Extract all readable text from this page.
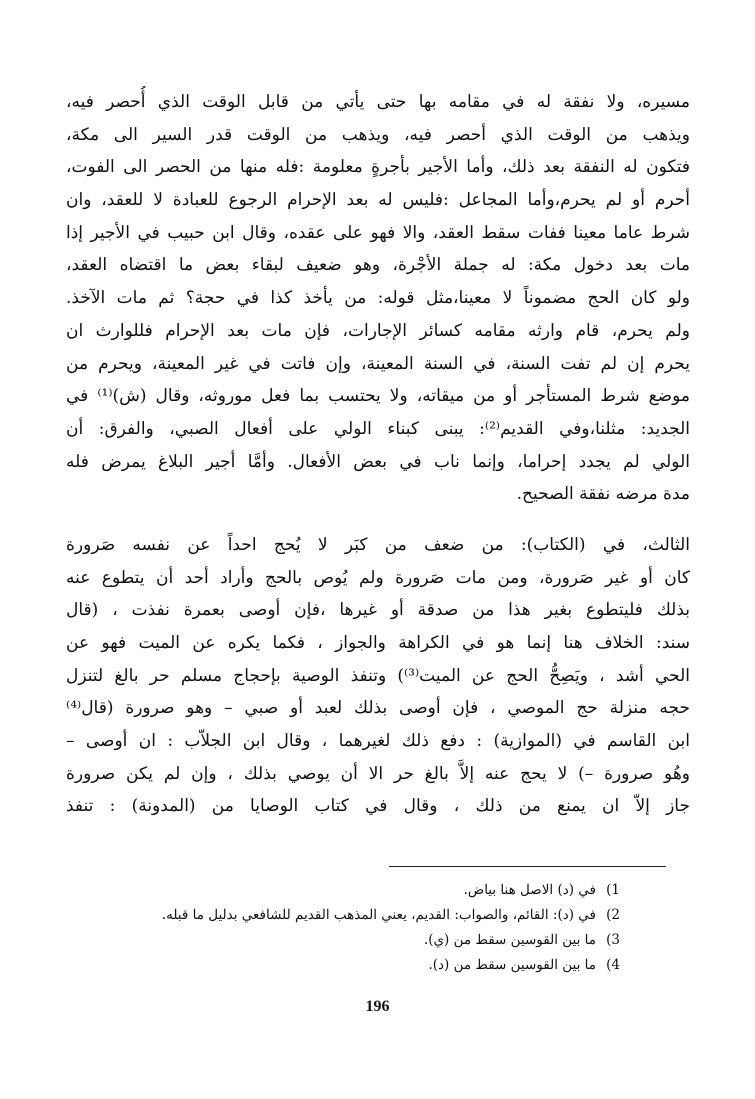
مسيره، ولا نفقة له في مقامه بها حتى يأتي من قابل الوقت الذي أُحصر فيه،
ويذهب من الوقت الذي أحصر فيه، ويذهب من الوقت قدر السير الى مكة،
فتكون له النفقة بعد ذلك، وأما الأجير بأجرةٍ معلومة :فله منها من الحصر الى الفوت،
أحرم أو لم يحرم،وأما المجاعل :فليس له بعد الإحرام الرجوع للعبادة لا للعقد، وان
شرط عاما معينا ففات سقط العقد، والا فهو على عقده، وقال ابن حبيب في الأجير إذا
مات بعد دخول مكة: له جملة الأجْرة، وهو ضعيف لبقاء بعض ما اقتضاه العقد،
ولو كان الحج مضموناً لا معينا،مثل قوله: من يأخذ كذا في حجة؟ ثم مات الآخذ.
ولم يحرم، قام وارثه مقامه كسائر الإجارات، فإن مات بعد الإحرام فللوارث ان
يحرم إن لم تفت السنة، في السنة المعينة، وإن فاتت في غير المعينة، ويحرم من
موضع شرط المستأجر أو من ميقاته، ولا يحتسب بما فعل موروثه، وقال (ش)⁽¹⁾ في
الجديد: مثلنا،وفي القديم⁽²⁾: يبنى كبناء الولي على أفعال الصبي، والفرق: أن
الولي لم يجدد إحراما، وإنما ناب في بعض الأفعال. وأمَّا أجير البلاغ يمرض فله
مدة مرضه نفقة الصحيح.
الثالث، في (الكتاب): من ضعف من كبَر لا يُحج احداً عن نفسه صَرورة
كان أو غير صَرورة، ومن مات صَرورة ولم يُوص بالحج وأراد أحد أن يتطوع عنه
بذلك فليتطوع بغير هذا من صدقة أو غيرها ،فإن أوصى بعمرة نفذت ، (قال
سند: الخلاف هنا إنما هو في الكراهة والجواز ، فكما يكره عن الميت فهو عن
الحي أشد ، ويَصِحُّ الحج عن الميت⁽³⁾) وتنفذ الوصية بإحجاج مسلم حر بالغ لتنزل
حجه منزلة حج الموصي ، فإن أوصى بذلك لعبد أو صبي – وهو صرورة (قال⁽⁴⁾
ابن القاسم في (الموازية) : دفع ذلك لغيرهما ، وقال ابن الجلاّب : ان أوصى –
وهُو صرورة –) لا يحج عنه إلاَّ بالغ حر الا أن يوصي بذلك ، وإن لم يكن صرورة
جاز إلاّ ان يمنع من ذلك ، وقال في كتاب الوصايا من (المدونة) : تنفذ
1)
في (د) الاصل هنا بياض.
2)
في (د): القائم، والصواب: القديم، يعني المذهب القديم للشافعي بدليل ما قبله.
3)
ما بين القوسين سقط من (ي).
4)
ما بين القوسين سقط من (د).
196
